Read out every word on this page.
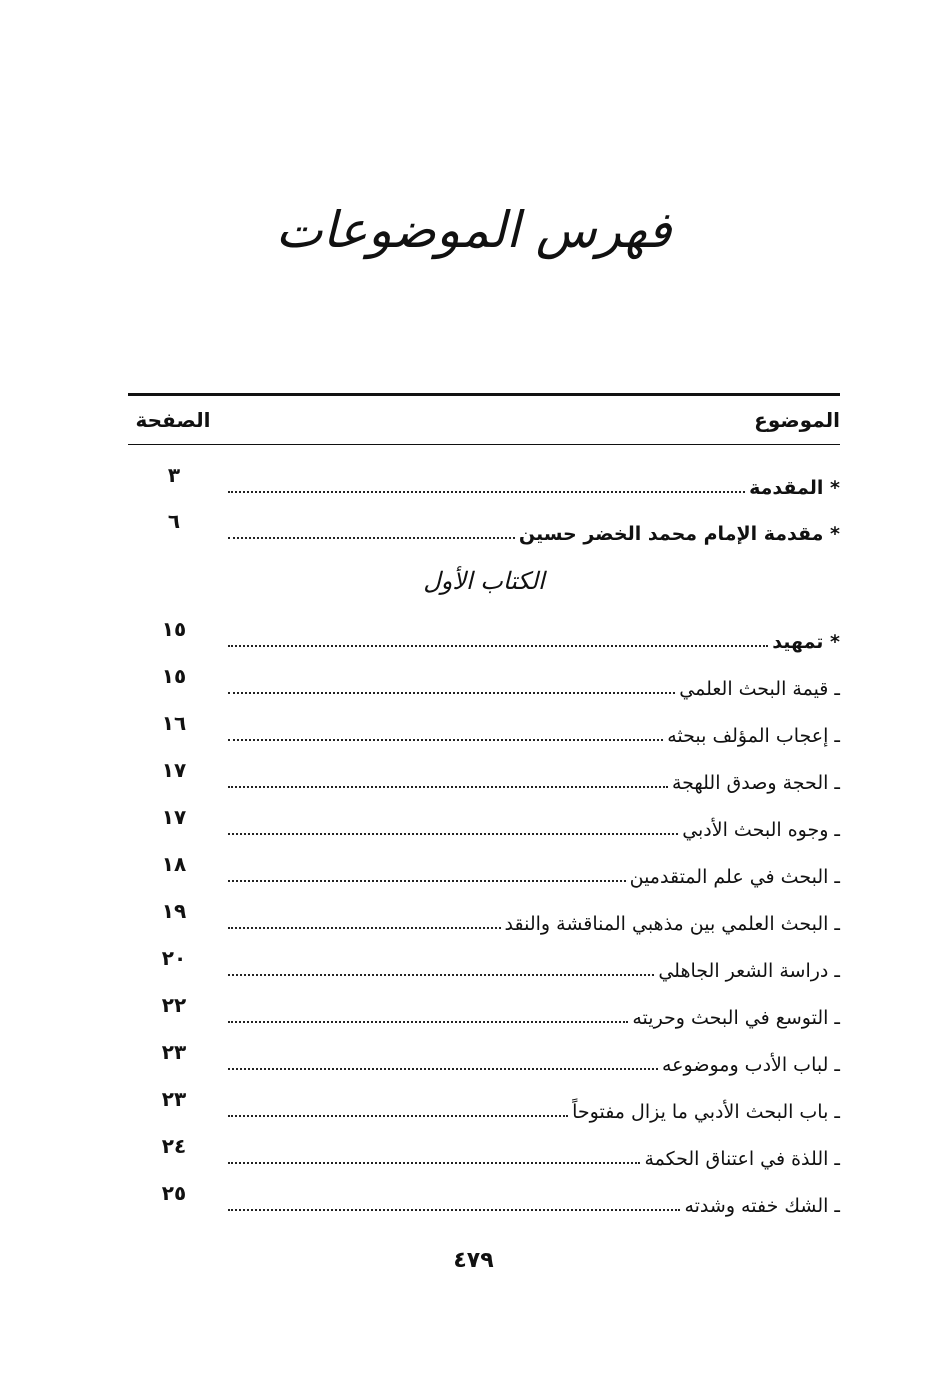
فهرس الموضوعات
الموضوع
الصفحة
* المقدمة
٣
* مقدمة الإمام محمد الخضر حسين
٦
الكتاب الأول
* تمهيد
١٥
ـ قيمة البحث العلمي
١٥
ـ إعجاب المؤلف ببحثه
١٦
ـ الحجة وصدق اللهجة
١٧
ـ وجوه البحث الأدبي
١٧
ـ البحث في علم المتقدمين
١٨
ـ البحث العلمي بين مذهبي المناقشة والنقد
١٩
ـ دراسة الشعر الجاهلي
٢٠
ـ التوسع في البحث وحريته
٢٢
ـ لباب الأدب وموضوعه
٢٣
ـ باب البحث الأدبي ما يزال مفتوحاً
٢٣
ـ اللذة في اعتناق الحكمة
٢٤
ـ الشك خفته وشدته
٢٥
٤٧٩
